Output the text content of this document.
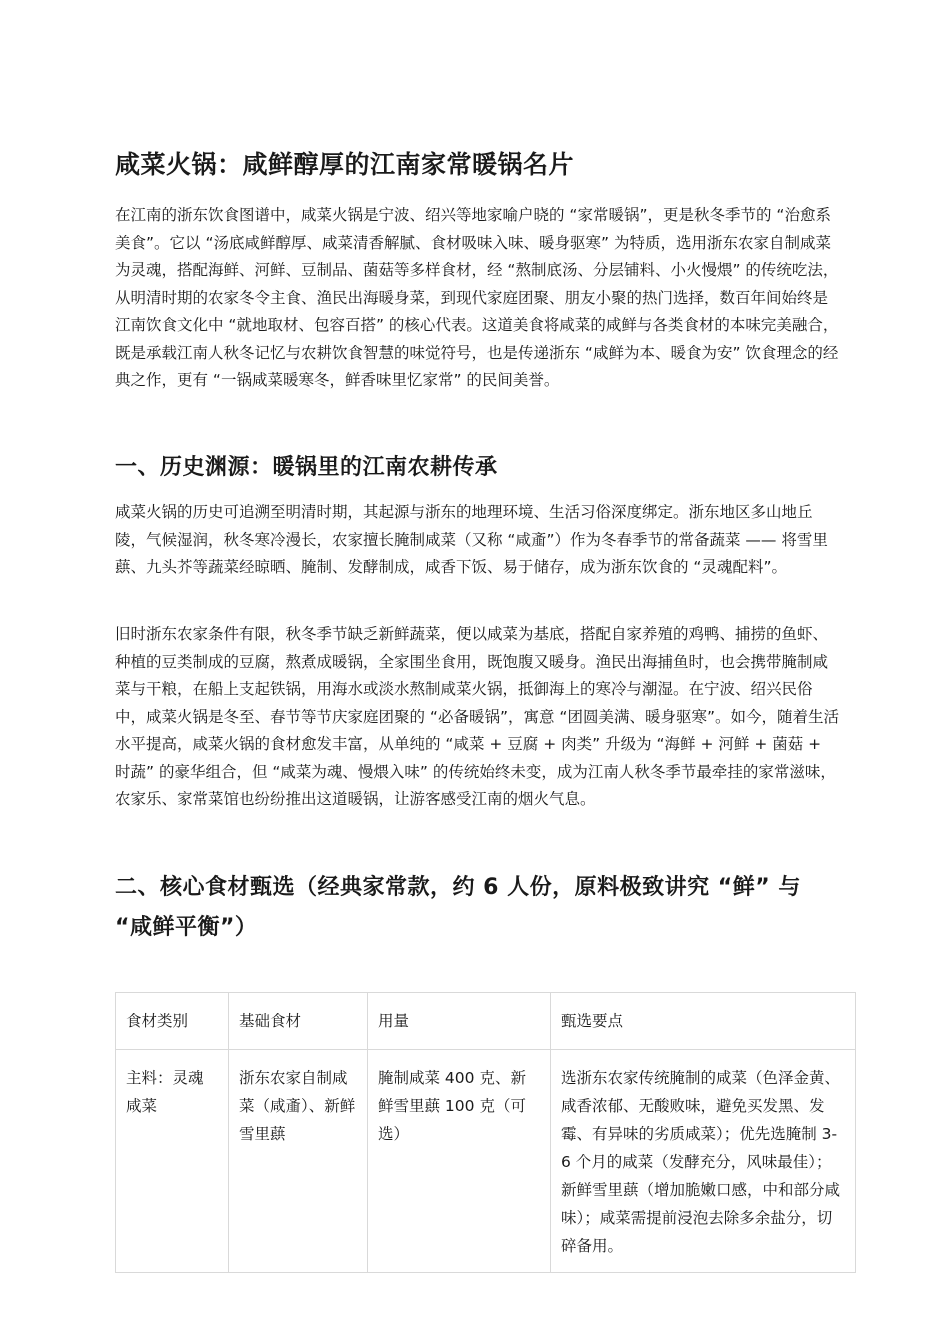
咸菜火锅：咸鲜醇厚的江南家常暖锅名片

在江南的浙东饮食图谱中，咸菜火锅是宁波、绍兴等地家喻户晓的 “家常暖锅”，更是秋冬季节的 “治愈系美食”。它以 “汤底咸鲜醇厚、咸菜清香解腻、食材吸味入味、暖身驱寒” 为特质，选用浙东农家自制咸菜为灵魂，搭配海鲜、河鲜、豆制品、菌菇等多样食材，经 “熬制底汤、分层铺料、小火慢煨” 的传统吃法，从明清时期的农家冬令主食、渔民出海暖身菜，到现代家庭团聚、朋友小聚的热门选择，数百年间始终是江南饮食文化中 “就地取材、包容百搭” 的核心代表。这道美食将咸菜的咸鲜与各类食材的本味完美融合，既是承载江南人秋冬记忆与农耕饮食智慧的味觉符号，也是传递浙东 “咸鲜为本、暖食为安” 饮食理念的经典之作，更有 “一锅咸菜暖寒冬，鲜香味里忆家常” 的民间美誉。

一、历史渊源：暖锅里的江南农耕传承

咸菜火锅的历史可追溯至明清时期，其起源与浙东的地理环境、生活习俗深度绑定。浙东地区多山地丘陵，气候湿润，秋冬寒冷漫长，农家擅长腌制咸菜（又称 “咸齑”）作为冬春季节的常备蔬菜 —— 将雪里蕻、九头芥等蔬菜经晾晒、腌制、发酵制成，咸香下饭、易于储存，成为浙东饮食的 “灵魂配料”。

旧时浙东农家条件有限，秋冬季节缺乏新鲜蔬菜，便以咸菜为基底，搭配自家养殖的鸡鸭、捕捞的鱼虾、种植的豆类制成的豆腐，熬煮成暖锅，全家围坐食用，既饱腹又暖身。渔民出海捕鱼时，也会携带腌制咸菜与干粮，在船上支起铁锅，用海水或淡水熬制咸菜火锅，抵御海上的寒冷与潮湿。在宁波、绍兴民俗中，咸菜火锅是冬至、春节等节庆家庭团聚的 “必备暖锅”，寓意 “团圆美满、暖身驱寒”。如今，随着生活水平提高，咸菜火锅的食材愈发丰富，从单纯的 “咸菜 + 豆腐 + 肉类” 升级为 “海鲜 + 河鲜 + 菌菇 + 时蔬” 的豪华组合，但 “咸菜为魂、慢煨入味” 的传统始终未变，成为江南人秋冬季节最牵挂的家常滋味，农家乐、家常菜馆也纷纷推出这道暖锅，让游客感受江南的烟火气息。

二、核心食材甄选（经典家常款，约 6 人份，原料极致讲究 “鲜” 与 “咸鲜平衡”）
食材类别	基础食材	用量	甄选要点
主料：灵魂咸菜	浙东农家自制咸菜（咸齑）、新鲜雪里蕻	腌制咸菜 400 克、新鲜雪里蕻 100 克（可选）	选浙东农家传统腌制的咸菜（色泽金黄、咸香浓郁、无酸败味，避免买发黑、发霉、有异味的劣质咸菜）；优先选腌制 3-6 个月的咸菜（发酵充分，风味最佳）；新鲜雪里蕻（增加脆嫩口感，中和部分咸味）；咸菜需提前浸泡去除多余盐分，切碎备用。
